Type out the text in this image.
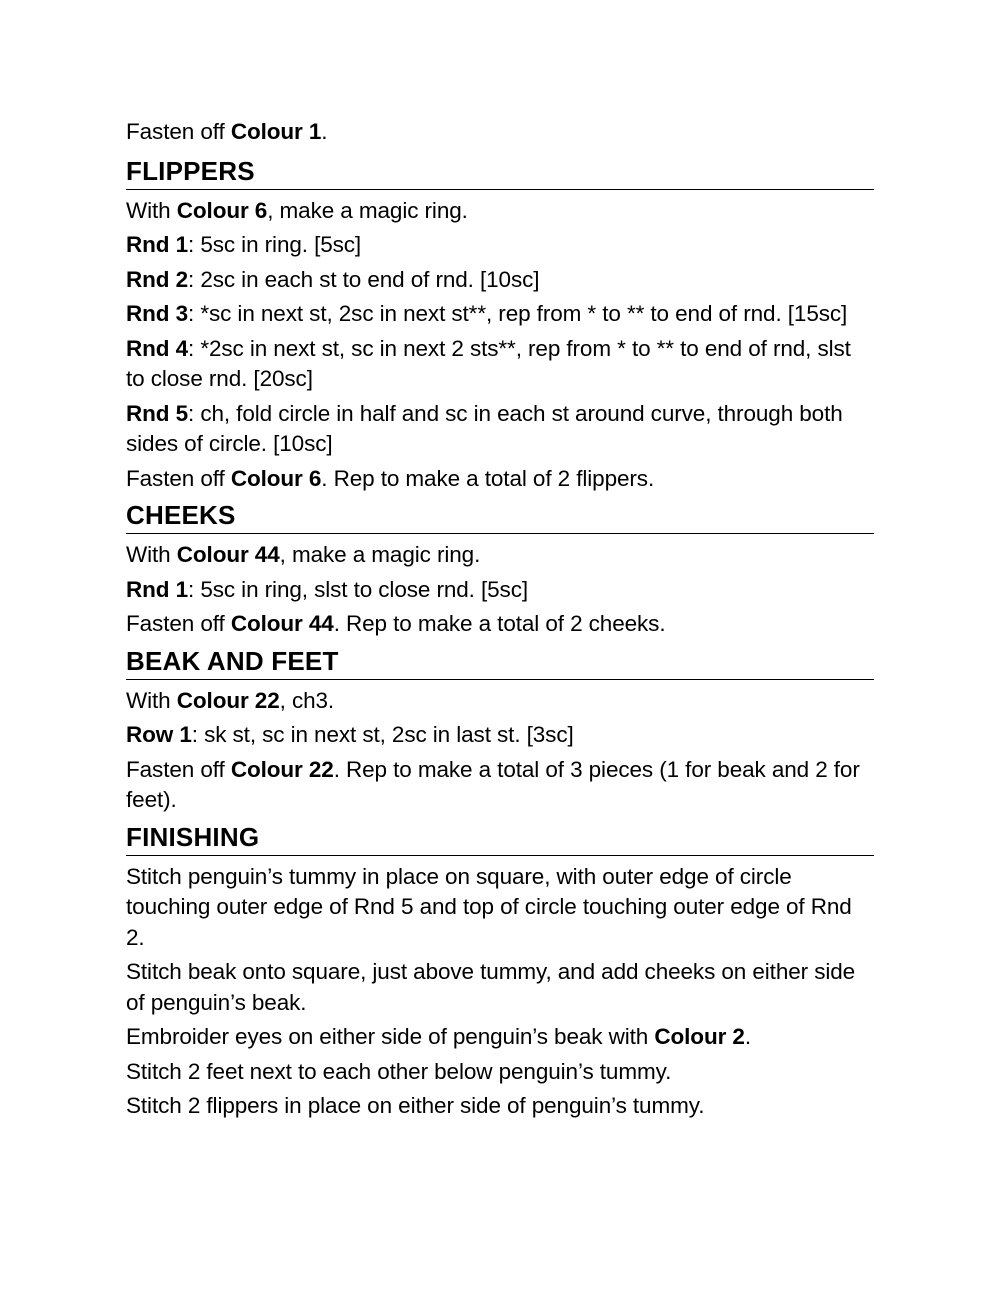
Fasten off Colour 1.

FLIPPERS

With Colour 6, make a magic ring.

Rnd 1: 5sc in ring. [5sc]

Rnd 2: 2sc in each st to end of rnd. [10sc]

Rnd 3: *sc in next st, 2sc in next st**, rep from * to ** to end of rnd. [15sc]

Rnd 4: *2sc in next st, sc in next 2 sts**, rep from * to ** to end of rnd, slst to close rnd. [20sc]

Rnd 5: ch, fold circle in half and sc in each st around curve, through both sides of circle. [10sc]

Fasten off Colour 6. Rep to make a total of 2 flippers.

CHEEKS

With Colour 44, make a magic ring.

Rnd 1: 5sc in ring, slst to close rnd. [5sc]

Fasten off Colour 44. Rep to make a total of 2 cheeks.

BEAK AND FEET

With Colour 22, ch3.

Row 1: sk st, sc in next st, 2sc in last st. [3sc]

Fasten off Colour 22. Rep to make a total of 3 pieces (1 for beak and 2 for feet).

FINISHING

Stitch penguin’s tummy in place on square, with outer edge of circle touching outer edge of Rnd 5 and top of circle touching outer edge of Rnd 2.

Stitch beak onto square, just above tummy, and add cheeks on either side of penguin’s beak.

Embroider eyes on either side of penguin’s beak with Colour 2.

Stitch 2 feet next to each other below penguin’s tummy.

Stitch 2 flippers in place on either side of penguin’s tummy.
